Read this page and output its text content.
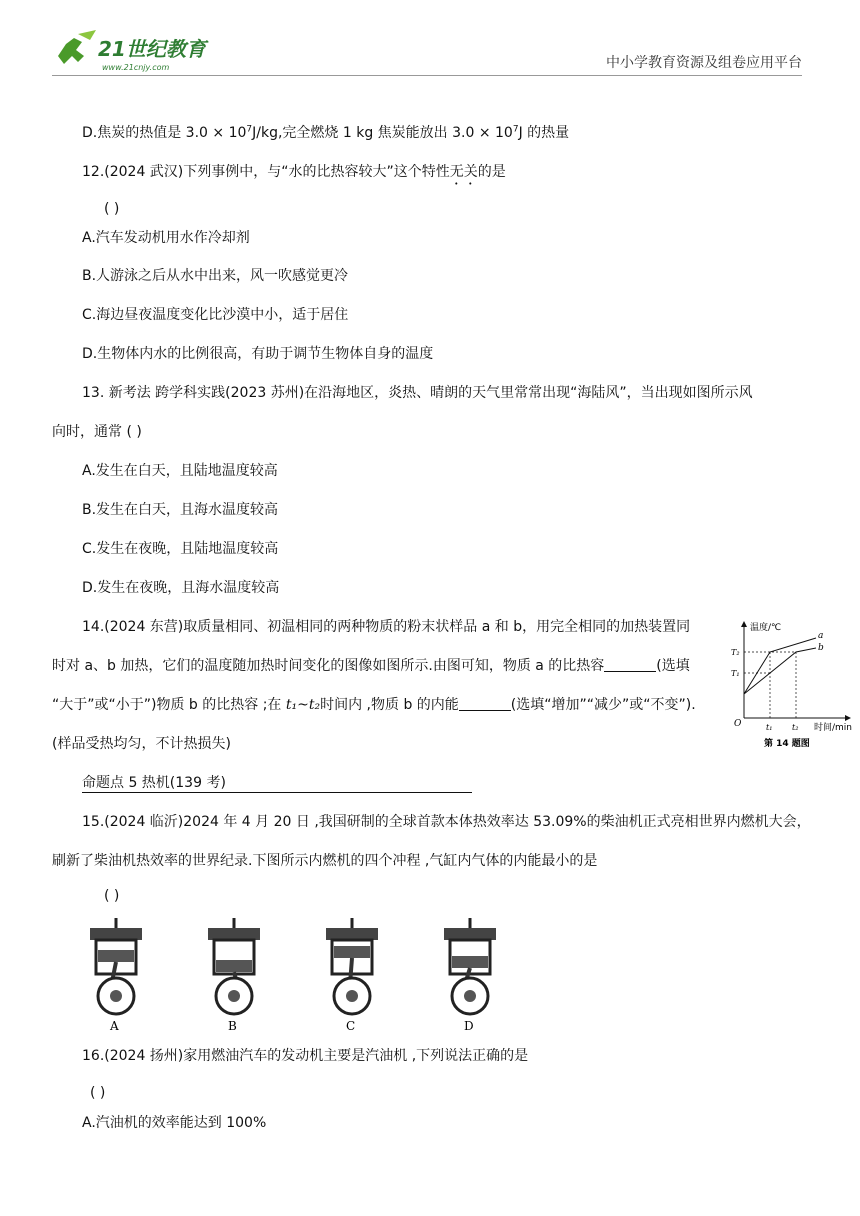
21世纪教育
www.21cnjy.com	中小学教育资源及组卷应用平台
D.焦炭的热值是 $3.0 \times 10^7J/kg$,完全燃烧 1 kg 焦炭能放出 $3.0 \times 10^7J$ 的热量
12.(2024 武汉)下列事例中，与“水的比热容较大”这个特性无关的是
( )
A.汽车发动机用水作冷却剂
B.人游泳之后从水中出来，风一吹感觉更冷
C.海边昼夜温度变化比沙漠中小，适于居住
D.生物体内水的比例很高，有助于调节生物体自身的温度
13. 新考法 跨学科实践(2023 苏州)在沿海地区，炎热、晴朗的天气里常常出现“海陆风”，当出现如图所示风
向时，通常 ( )
A.发生在白天，且陆地温度较高
B.发生在白天，且海水温度较高
C.发生在夜晚，且陆地温度较高
D.发生在夜晚，且海水温度较高
14.(2024 东营)取质量相同、初温相同的两种物质的粉末状样品 a 和 b，用完全相同的加热装置同
时对 a、b 加热，它们的温度随加热时间变化的图像如图所示.由图可知，物质 a 的比热容	(选填
“大于”或“小于”)物质 b 的比热容 ;在 t₁~t₂时间内 ,物质 b 的内能	(选填“增加”“减少”或“不变”).
(样品受热均匀，不计热损失)
温度/℃
时间/min
O
T₂
T₁
t₁ t₂
a
b
第 14 题图
命题点 5 热机(139 考)
15.(2024 临沂)2024 年 4 月 20 日 ,我国研制的全球首款本体热效率达 53.09%的柴油机正式亮相世界内燃机大会，
刷新了柴油机热效率的世界纪录.下图所示内燃机的四个冲程 ,气缸内气体的内能最小的是
( )
A	B	C	D
16.(2024 扬州)家用燃油汽车的发动机主要是汽油机 ,下列说法正确的是
( )
A.汽油机的效率能达到 100%
